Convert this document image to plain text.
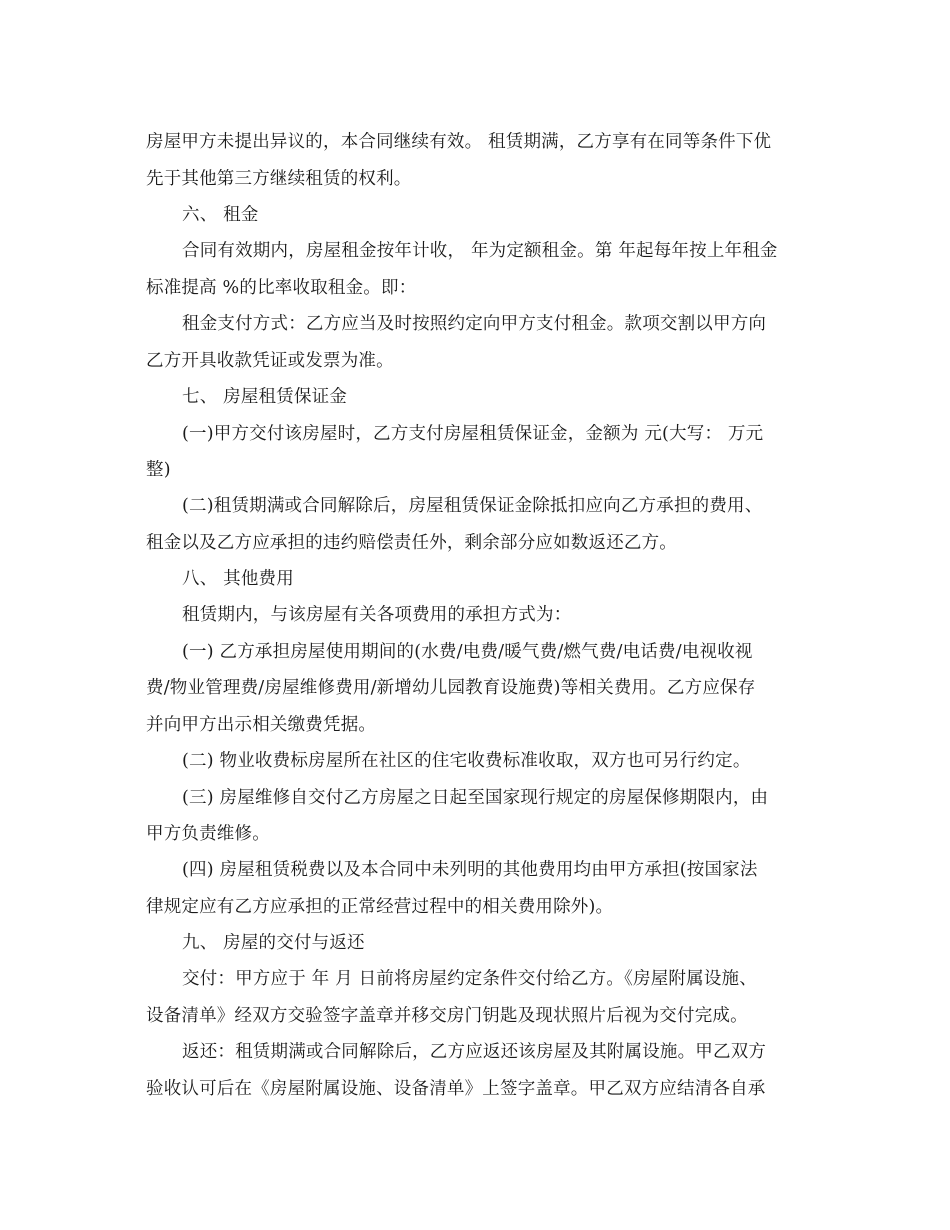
房屋甲方未提出异议的，本合同继续有效。 租赁期满，乙方享有在同等条件下优
先于其他第三方继续租赁的权利。
六、 租金
合同有效期内，房屋租金按年计收， 年为定额租金。第 年起每年按上年租金
标准提高 %的比率收取租金。即：
租金支付方式：乙方应当及时按照约定向甲方支付租金。款项交割以甲方向
乙方开具收款凭证或发票为准。
七、 房屋租赁保证金
(一)甲方交付该房屋时，乙方支付房屋租赁保证金，金额为 元(大写： 万元
整)
(二)租赁期满或合同解除后，房屋租赁保证金除抵扣应向乙方承担的费用、
租金以及乙方应承担的违约赔偿责任外，剩余部分应如数返还乙方。
八、 其他费用
租赁期内，与该房屋有关各项费用的承担方式为：
(一) 乙方承担房屋使用期间的(水费/电费/暖气费/燃气费/电话费/电视收视
费/物业管理费/房屋维修费用/新增幼儿园教育设施费)等相关费用。乙方应保存
并向甲方出示相关缴费凭据。
(二) 物业收费标房屋所在社区的住宅收费标准收取，双方也可另行约定。
(三) 房屋维修自交付乙方房屋之日起至国家现行规定的房屋保修期限内，由
甲方负责维修。
(四) 房屋租赁税费以及本合同中未列明的其他费用均由甲方承担(按国家法
律规定应有乙方应承担的正常经营过程中的相关费用除外)。
九、 房屋的交付与返还
交付：甲方应于 年 月 日前将房屋约定条件交付给乙方。《房屋附属设施、
设备清单》经双方交验签字盖章并移交房门钥匙及现状照片后视为交付完成。
返还：租赁期满或合同解除后，乙方应返还该房屋及其附属设施。甲乙双方
验收认可后在《房屋附属设施、设备清单》上签字盖章。甲乙双方应结清各自承
